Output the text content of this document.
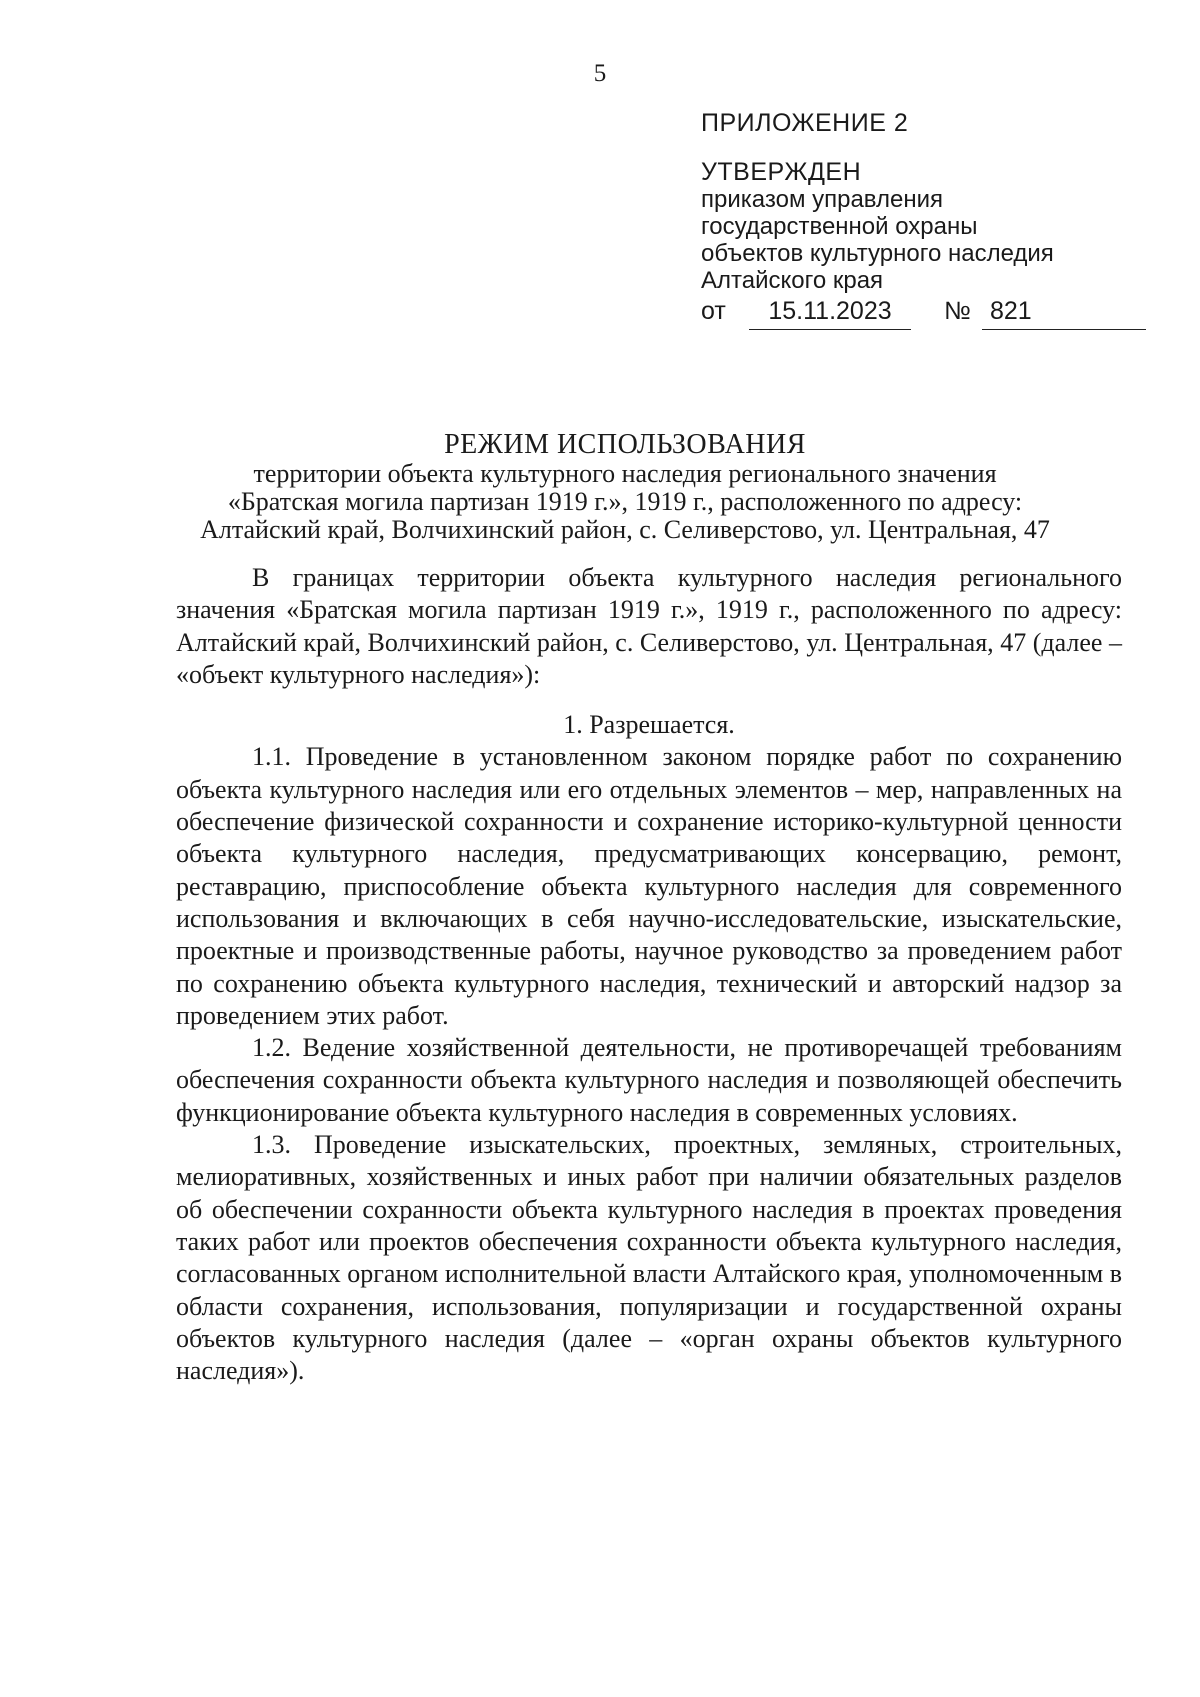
5
ПРИЛОЖЕНИЕ 2
УТВЕРЖДЕН
приказом управления
государственной охраны
объектов культурного наследия
Алтайского края
от	15.11.2023	№ 821
РЕЖИМ ИСПОЛЬЗОВАНИЯ
территории объекта культурного наследия регионального значения
«Братская могила партизан 1919 г.», 1919 г., расположенного по адресу:
Алтайский край, Волчихинский район, с. Селиверстово, ул. Центральная, 47

В границах территории объекта культурного наследия регионального значения «Братская могила партизан 1919 г.», 1919 г., расположенного по адресу: Алтайский край, Волчихинский район, с. Селиверстово, ул. Центральная, 47 (далее – «объект культурного наследия»):

1. Разрешается.

1.1. Проведение в установленном законом порядке работ по сохранению объекта культурного наследия или его отдельных элементов – мер, направленных на обеспечение физической сохранности и сохранение историко-культурной ценности объекта культурного наследия, предусматривающих консервацию, ремонт, реставрацию, приспособление объекта культурного наследия для современного использования и включающих в себя научно-исследовательские, изыскательские, проектные и производственные работы, научное руководство за проведением работ по сохранению объекта культурного наследия, технический и авторский надзор за проведением этих работ.

1.2. Ведение хозяйственной деятельности, не противоречащей требованиям обеспечения сохранности объекта культурного наследия и позволяющей обеспечить функционирование объекта культурного наследия в современных условиях.

1.3. Проведение изыскательских, проектных, земляных, строительных, мелиоративных, хозяйственных и иных работ при наличии обязательных разделов об обеспечении сохранности объекта культурного наследия в проектах проведения таких работ или проектов обеспечения сохранности объекта культурного наследия, согласованных органом исполнительной власти Алтайского края, уполномоченным в области сохранения, использования, популяризации и государственной охраны объектов культурного наследия (далее – «орган охраны объектов культурного наследия»).
